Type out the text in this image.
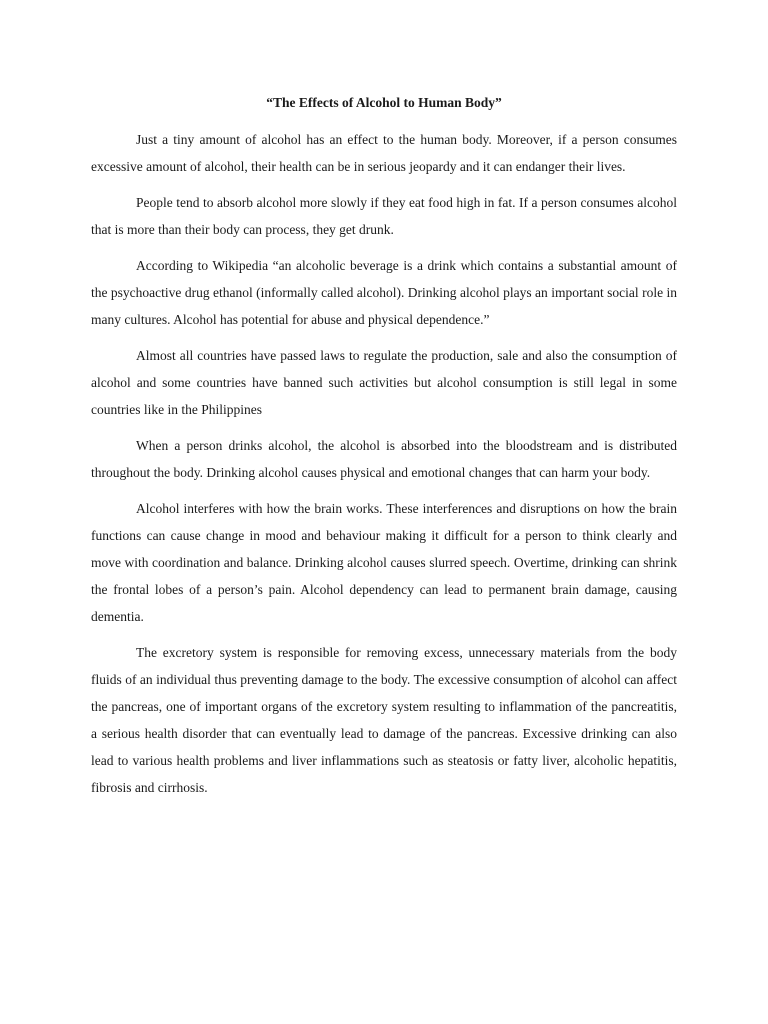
“The Effects of Alcohol to Human Body”

Just a tiny amount of alcohol has an effect to the human body. Moreover, if a person consumes excessive amount of alcohol, their health can be in serious jeopardy and it can endanger their lives.

People tend to absorb alcohol more slowly if they eat food high in fat. If a person consumes alcohol that is more than their body can process, they get drunk.

According to Wikipedia “an alcoholic beverage is a drink which contains a substantial amount of the psychoactive drug ethanol (informally called alcohol). Drinking alcohol plays an important social role in many cultures. Alcohol has potential for abuse and physical dependence.”

Almost all countries have passed laws to regulate the production, sale and also the consumption of alcohol and some countries have banned such activities but alcohol consumption is still legal in some countries like in the Philippines

When a person drinks alcohol, the alcohol is absorbed into the bloodstream and is distributed throughout the body. Drinking alcohol causes physical and emotional changes that can harm your body.

Alcohol interferes with how the brain works. These interferences and disruptions on how the brain functions can cause change in mood and behaviour making it difficult for a person to think clearly and move with coordination and balance. Drinking alcohol causes slurred speech. Overtime, drinking can shrink the frontal lobes of a person’s pain. Alcohol dependency can lead to permanent brain damage, causing dementia.

The excretory system is responsible for removing excess, unnecessary materials from the body fluids of an individual thus preventing damage to the body. The excessive consumption of alcohol can affect the pancreas, one of important organs of the excretory system resulting to inflammation of the pancreatitis, a serious health disorder that can eventually lead to damage of the pancreas. Excessive drinking can also lead to various health problems and liver inflammations such as steatosis or fatty liver, alcoholic hepatitis, fibrosis and cirrhosis.
